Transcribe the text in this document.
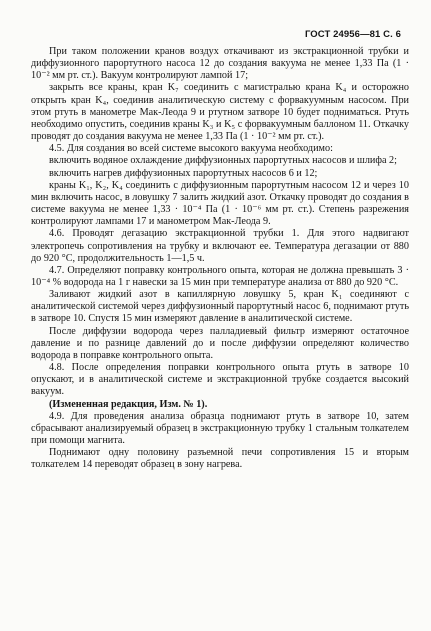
ГОСТ 24956—81 С. 6

При таком положении кранов воздух откачивают из экстракционной трубки и диффузионного парортутного насоса 12 до создания вакуума не менее 1,33 Па (1 · 10⁻² мм рт. ст.). Вакуум контролируют лампой 17;

закрыть все краны, кран K₇ соединить с магистралью крана K₄ и осторожно открыть кран K₄, соединив аналитическую систему с форвакуумным насосом. При этом ртуть в манометре Мак-Леода 9 и ртутном затворе 10 будет подниматься. Ртуть необходимо опустить, соединив краны K₃ и K₅ с форвакуумным баллоном 11. Откачку проводят до создания вакуума не менее 1,33 Па (1 · 10⁻² мм рт. ст.).

4.5. Для создания во всей системе высокого вакуума необходимо:

включить водяное охлаждение диффузионных парортутных насосов и шлифа 2;

включить нагрев диффузионных парортутных насосов 6 и 12;

краны K₁, K₂, K₄ соединить с диффузионным парортутным насосом 12 и через 10 мин включить насос, в ловушку 7 залить жидкий азот. Откачку проводят до создания в системе вакуума не менее 1,33 · 10⁻⁴ Па (1 · 10⁻⁶ мм рт. ст.). Степень разрежения контролируют лампами 17 и манометром Мак-Леода 9.

4.6. Проводят дегазацию экстракционной трубки 1. Для этого надвигают электропечь сопротивления на трубку и включают ее. Температура дегазации от 880 до 920 °С, продолжительность 1—1,5 ч.

4.7. Определяют поправку контрольного опыта, которая не должна превышать 3 · 10⁻⁴ % водорода на 1 г навески за 15 мин при температуре анализа от 880 до 920 °С.

Заливают жидкий азот в капиллярную ловушку 5, кран K₁ соединяют с аналитической системой через диффузионный парортутный насос 6, поднимают ртуть в затворе 10. Спустя 15 мин измеряют давление в аналитической системе.

После диффузии водорода через палладиевый фильтр измеряют остаточное давление и по разнице давлений до и после диффузии определяют количество водорода в поправке контрольного опыта.

4.8. После определения поправки контрольного опыта ртуть в затворе 10 опускают, и в аналитической системе и экстракционной трубке создается высокий вакуум.

(Измененная редакция, Изм. № 1).

4.9. Для проведения анализа образца поднимают ртуть в затворе 10, затем сбрасывают анализируемый образец в экстракционную трубку 1 стальным толкателем при помощи магнита.

Поднимают одну половину разъемной печи сопротивления 15 и вторым толкателем 14 переводят образец в зону нагрева.
